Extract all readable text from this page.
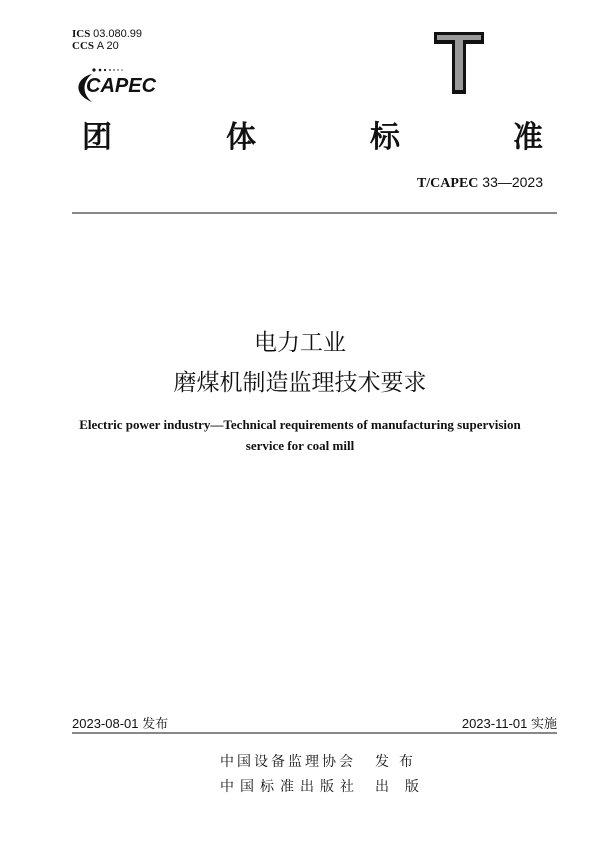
ICS 03.080.99
CCS A 20
CAPEC
T
团	体	标	准
T/CAPEC 33—2023
电力工业
磨煤机制造监理技术要求
Electric power industry—Technical requirements of manufacturing supervision
service for coal mill
2023-08-01 发布	2023-11-01 实施
中国设备监理协会 发 布
中国标准出版社 出 版
